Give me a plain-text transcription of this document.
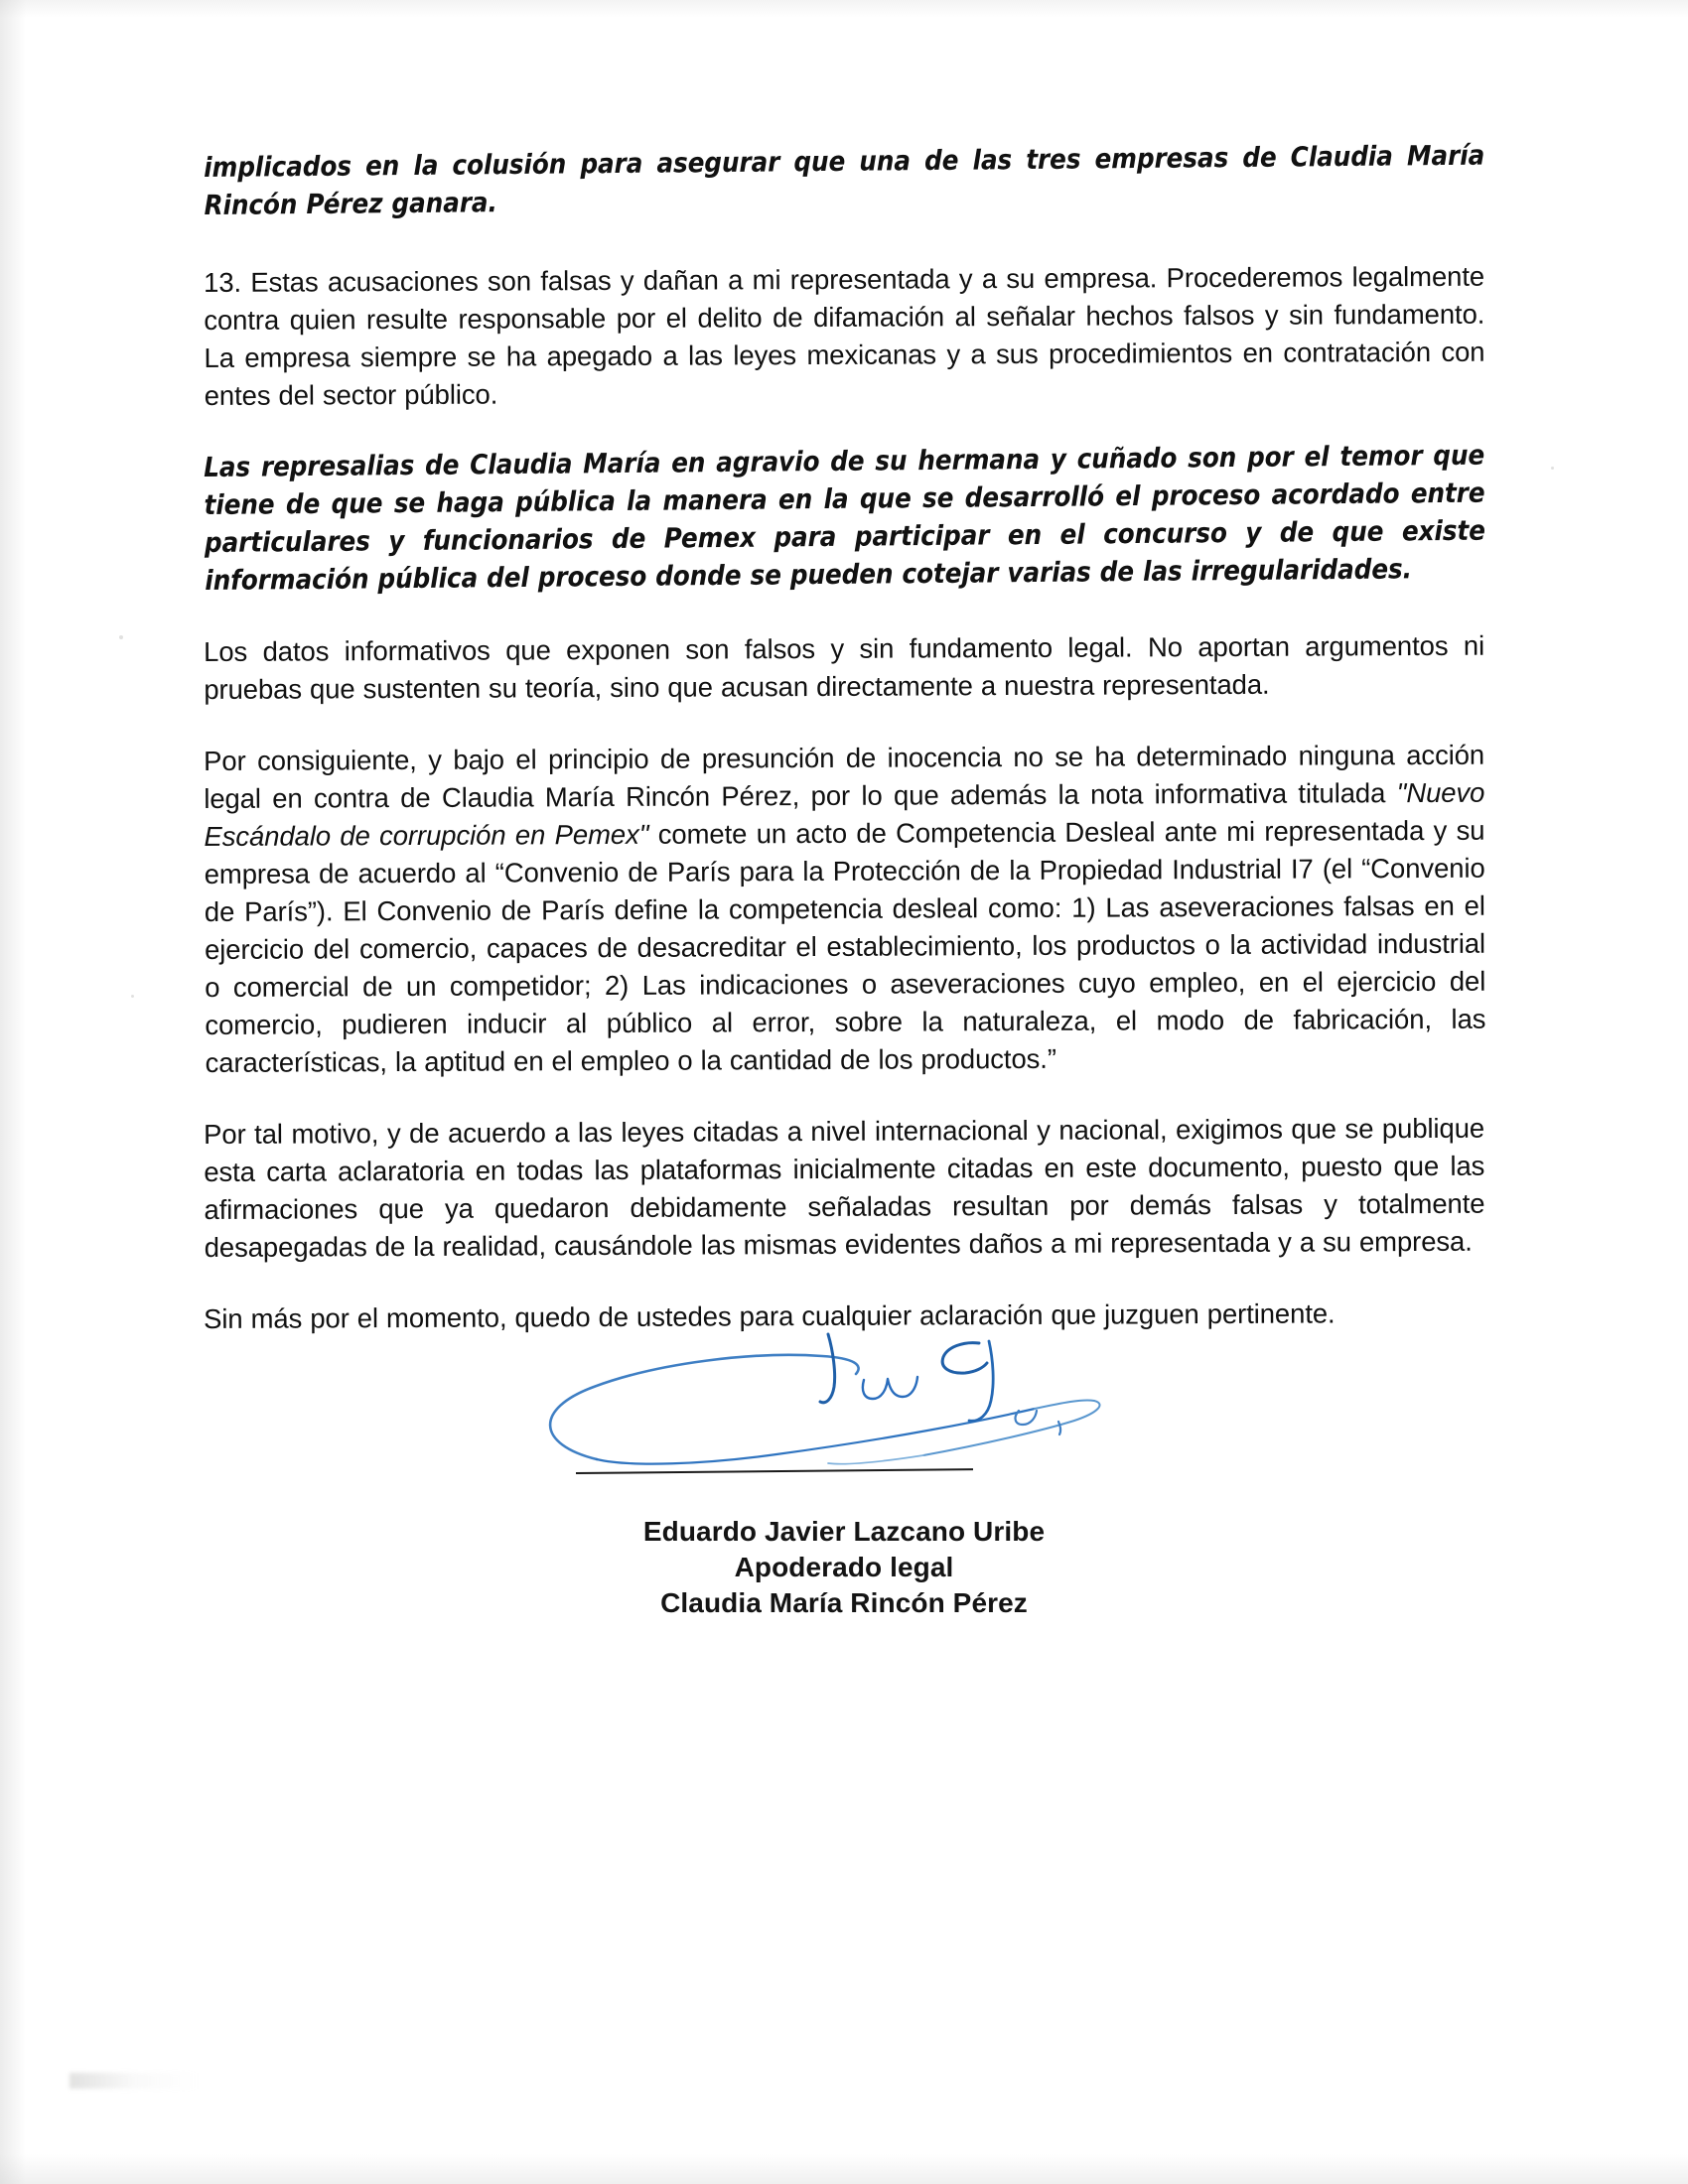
implicados en la colusión para asegurar que una de las tres empresas de Claudia María Rincón Pérez ganara.

13. Estas acusaciones son falsas y dañan a mi representada y a su empresa. Procederemos legalmente contra quien resulte responsable por el delito de difamación al señalar hechos falsos y sin fundamento. La empresa siempre se ha apegado a las leyes mexicanas y a sus procedimientos en contratación con entes del sector público.

Las represalias de Claudia María en agravio de su hermana y cuñado son por el temor que tiene de que se haga pública la manera en la que se desarrolló el proceso acordado entre particulares y funcionarios de Pemex para participar en el concurso y de que existe información pública del proceso donde se pueden cotejar varias de las irregularidades.

Los datos informativos que exponen son falsos y sin fundamento legal. No aportan argumentos ni pruebas que sustenten su teoría, sino que acusan directamente a nuestra representada.

Por consiguiente, y bajo el principio de presunción de inocencia no se ha determinado ninguna acción legal en contra de Claudia María Rincón Pérez, por lo que además la nota informativa titulada "Nuevo Escándalo de corrupción en Pemex" comete un acto de Competencia Desleal ante mi representada y su empresa de acuerdo al “Convenio de París para la Protección de la Propiedad Industrial I7 (el “Convenio de París”). El Convenio de París define la competencia desleal como: 1) Las aseveraciones falsas en el ejercicio del comercio, capaces de desacreditar el establecimiento, los productos o la actividad industrial o comercial de un competidor; 2) Las indicaciones o aseveraciones cuyo empleo, en el ejercicio del comercio, pudieren inducir al público al error, sobre la naturaleza, el modo de fabricación, las características, la aptitud en el empleo o la cantidad de los productos.”

Por tal motivo, y de acuerdo a las leyes citadas a nivel internacional y nacional, exigimos que se publique esta carta aclaratoria en todas las plataformas inicialmente citadas en este documento, puesto que las afirmaciones que ya quedaron debidamente señaladas resultan por demás falsas y totalmente desapegadas de la realidad, causándole las mismas evidentes daños a mi representada y a su empresa.

Sin más por el momento, quedo de ustedes para cualquier aclaración que juzguen pertinente.

Eduardo Javier Lazcano Uribe
Apoderado legal
Claudia María Rincón Pérez
